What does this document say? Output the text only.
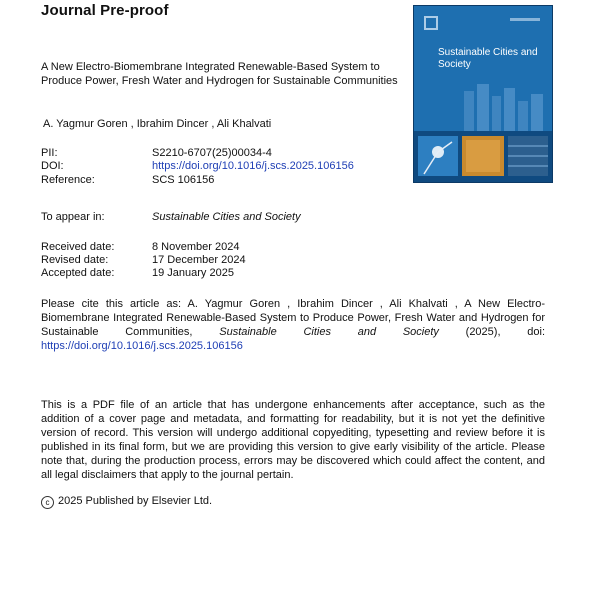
Journal Pre-proof
A New Electro-Biomembrane Integrated Renewable-Based System to Produce Power, Fresh Water and Hydrogen for Sustainable Communities
A. Yagmur Goren , Ibrahim Dincer , Ali Khalvati
PII:	S2210-6707(25)00034-4
DOI:	https://doi.org/10.1016/j.scs.2025.106156
Reference:	SCS 106156
To appear in:	Sustainable Cities and Society
Received date:	8 November 2024
Revised date:	17 December 2024
Accepted date:	19 January 2025
Please cite this article as: A. Yagmur Goren , Ibrahim Dincer , Ali Khalvati , A New Electro-Biomembrane Integrated Renewable-Based System to Produce Power, Fresh Water and Hydrogen for Sustainable Communities, Sustainable Cities and Society (2025), doi: https://doi.org/10.1016/j.scs.2025.106156
This is a PDF file of an article that has undergone enhancements after acceptance, such as the addition of a cover page and metadata, and formatting for readability, but it is not yet the definitive version of record. This version will undergo additional copyediting, typesetting and review before it is published in its final form, but we are providing this version to give early visibility of the article. Please note that, during the production process, errors may be discovered which could affect the content, and all legal disclaimers that apply to the journal pertain.
c 2025 Published by Elsevier Ltd.
Sustainable Cities and Society
